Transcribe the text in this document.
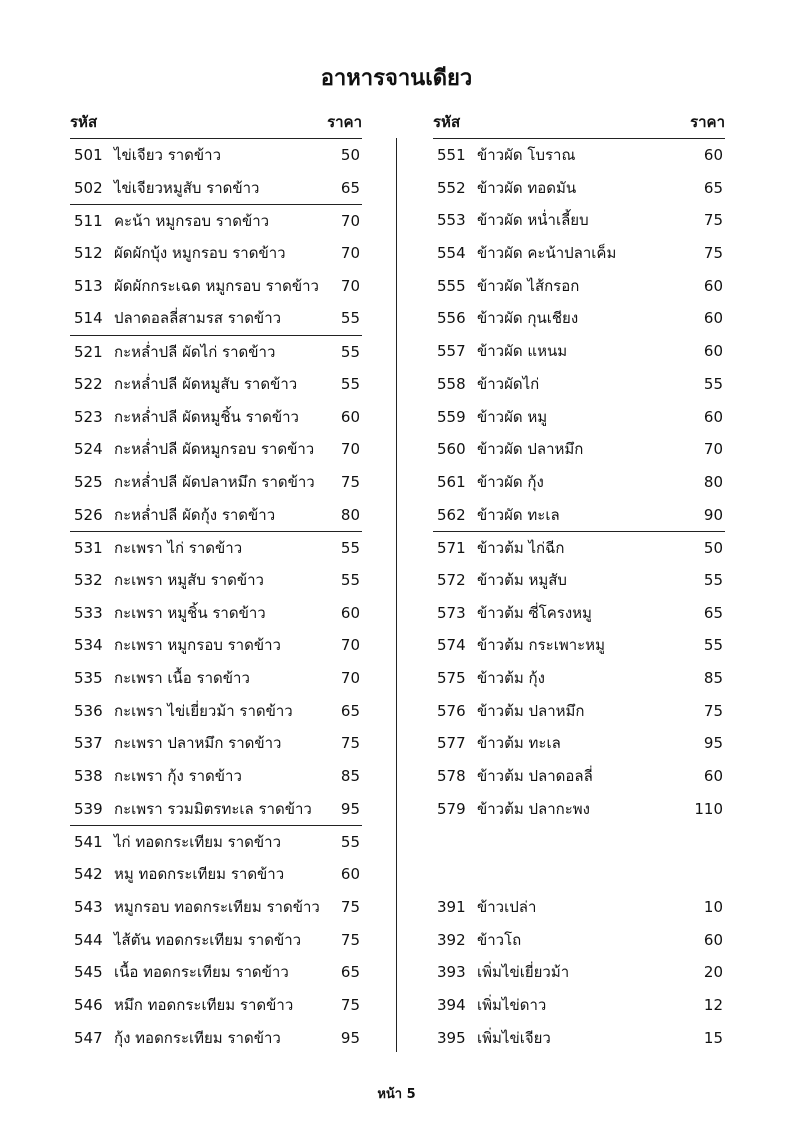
อาหารจานเดียว
รหัส	ราคา
501 ไข่เจียว ราดข้าว	50
502 ไข่เจียวหมูสับ ราดข้าว	65
511 คะน้า หมูกรอบ ราดข้าว	70
512 ผัดผักบุ้ง หมูกรอบ ราดข้าว	70
513 ผัดผักกระเฉด หมูกรอบ ราดข้าว 70
514 ปลาดอลลี่สามรส ราดข้าว	55
521 กะหล่ำปลี ผัดไก่ ราดข้าว	55
522 กะหล่ำปลี ผัดหมูสับ ราดข้าว	55
523 กะหล่ำปลี ผัดหมูชิ้น ราดข้าว	60
524 กะหล่ำปลี ผัดหมูกรอบ ราดข้าว 70
525 กะหล่ำปลี ผัดปลาหมึก ราดข้าว 75
526 กะหล่ำปลี ผัดกุ้ง ราดข้าว	80
531 กะเพรา ไก่ ราดข้าว	55
532 กะเพรา หมูสับ ราดข้าว	55
533 กะเพรา หมูชิ้น ราดข้าว	60
534 กะเพรา หมูกรอบ ราดข้าว	70
535 กะเพรา เนื้อ ราดข้าว	70
536 กะเพรา ไข่เยี่ยวม้า ราดข้าว	65
537 กะเพรา ปลาหมึก ราดข้าว	75
538 กะเพรา กุ้ง ราดข้าว	85
539 กะเพรา รวมมิตรทะเล ราดข้าว 95
541 ไก่ ทอดกระเทียม ราดข้าว	55
542 หมู ทอดกระเทียม ราดข้าว	60
543 หมูกรอบ ทอดกระเทียม ราดข้าว 75
544 ไส้ตัน ทอดกระเทียม ราดข้าว	75
545 เนื้อ ทอดกระเทียม ราดข้าว	65
546 หมึก ทอดกระเทียม ราดข้าว	75
547 กุ้ง ทอดกระเทียม ราดข้าว	95
รหัส	ราคา
551 ข้าวผัด โบราณ	60
552 ข้าวผัด ทอดมัน	65
553 ข้าวผัด หน่ำเลี้ยบ	75
554 ข้าวผัด คะน้าปลาเค็ม	75
555 ข้าวผัด ไส้กรอก	60
556 ข้าวผัด กุนเชียง	60
557 ข้าวผัด แหนม	60
558 ข้าวผัดไก่	55
559 ข้าวผัด หมู	60
560 ข้าวผัด ปลาหมึก	70
561 ข้าวผัด กุ้ง	80
562 ข้าวผัด ทะเล	90
571 ข้าวต้ม ไก่ฉีก	50
572 ข้าวต้ม หมูสับ	55
573 ข้าวต้ม ซี่โครงหมู	65
574 ข้าวต้ม กระเพาะหมู	55
575 ข้าวต้ม กุ้ง	85
576 ข้าวต้ม ปลาหมึก	75
577 ข้าวต้ม ทะเล	95
578 ข้าวต้ม ปลาดอลลี่	60
579 ข้าวต้ม ปลากะพง	110
391 ข้าวเปล่า	10
392 ข้าวโถ	60
393 เพิ่มไข่เยี่ยวม้า	20
394 เพิ่มไข่ดาว	12
395 เพิ่มไข่เจียว	15
หน้า 5
